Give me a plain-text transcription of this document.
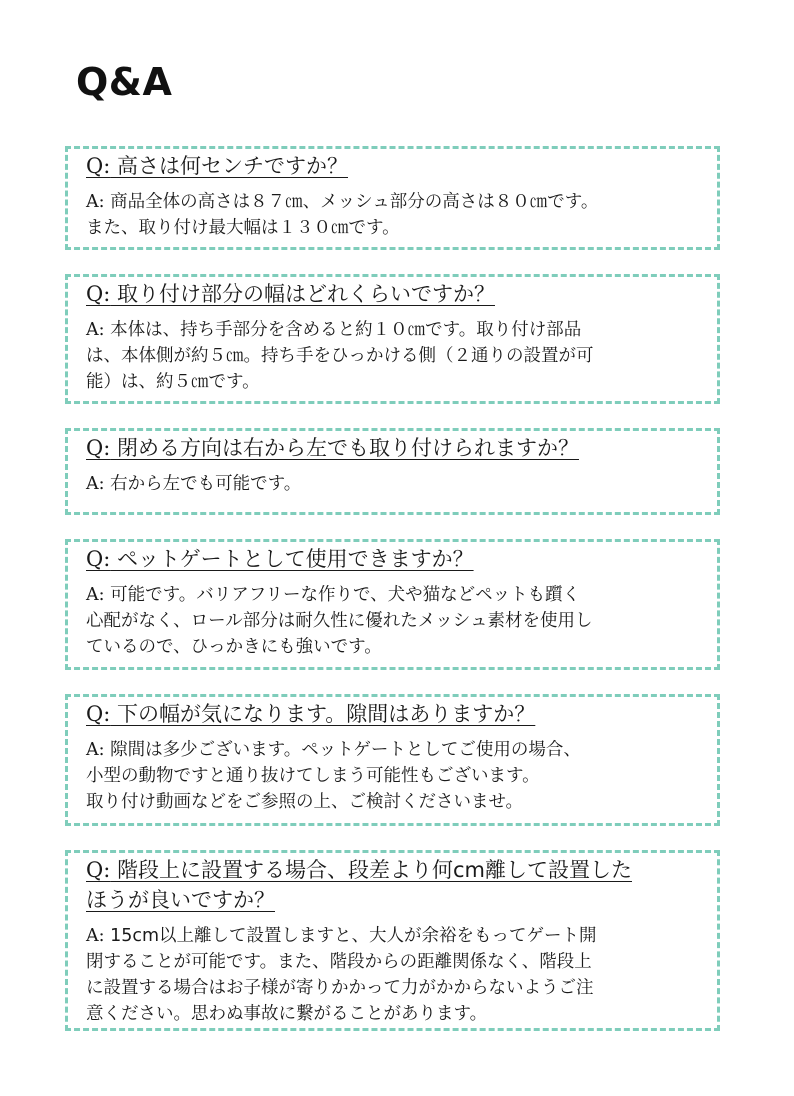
Q&A

Q: 高さは何センチですか？

A: 商品全体の高さは８７㎝、メッシュ部分の高さは８０㎝です。
また、取り付け最大幅は１３０㎝です。

Q: 取り付け部分の幅はどれくらいですか？

A: 本体は、持ち手部分を含めると約１０㎝です。取り付け部品
は、本体側が約５㎝。持ち手をひっかける側（２通りの設置が可
能）は、約５㎝です。

Q: 閉める方向は右から左でも取り付けられますか？

A: 右から左でも可能です。

Q: ペットゲートとして使用できますか？

A: 可能です。バリアフリーな作りで、犬や猫などペットも躓く
心配がなく、ロール部分は耐久性に優れたメッシュ素材を使用し
ているので、ひっかきにも強いです。

Q: 下の幅が気になります。隙間はありますか？

A: 隙間は多少ございます。ペットゲートとしてご使用の場合、
小型の動物ですと通り抜けてしまう可能性もございます。
取り付け動画などをご参照の上、ご検討くださいませ。

Q: 階段上に設置する場合、段差より何cm離して設置した
ほうが良いですか？

A: 15cm以上離して設置しますと、大人が余裕をもってゲート開
閉することが可能です。また、階段からの距離関係なく、階段上
に設置する場合はお子様が寄りかかって力がかからないようご注
意ください。思わぬ事故に繋がることがあります。
